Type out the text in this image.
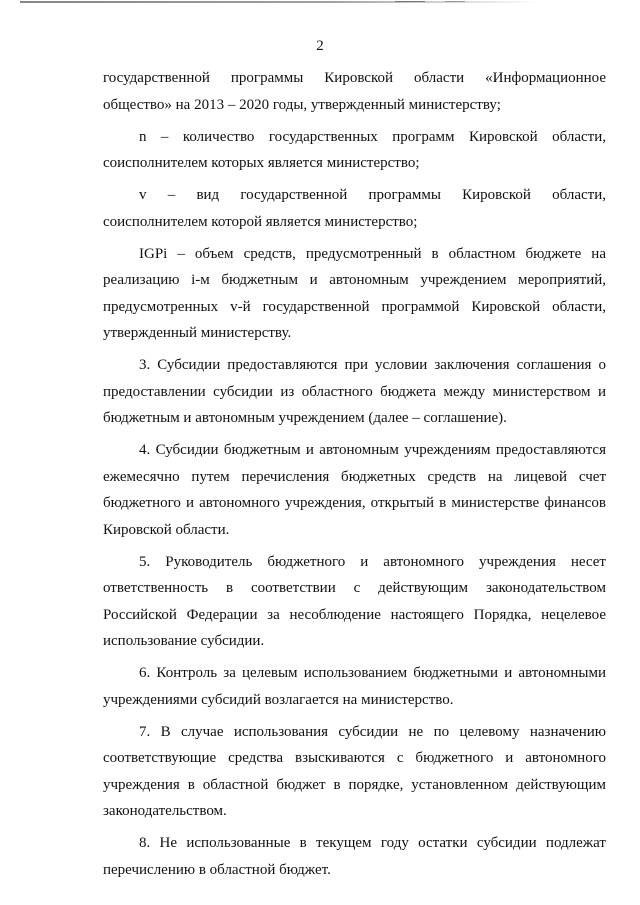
2

государственной программы Кировской области «Информационное общество» на 2013 – 2020 годы, утвержденный министерству;

n – количество государственных программ Кировской области, соисполнителем которых является министерство;

v – вид государственной программы Кировской области, соисполнителем которой является министерство;

IGPi – объем средств, предусмотренный в областном бюджете на реализацию i-м бюджетным и автономным учреждением мероприятий, предусмотренных v-й государственной программой Кировской области, утвержденный министерству.

3. Субсидии предоставляются при условии заключения соглашения о предоставлении субсидии из областного бюджета между министерством и бюджетным и автономным учреждением (далее – соглашение).

4. Субсидии бюджетным и автономным учреждениям предоставляются ежемесячно путем перечисления бюджетных средств на лицевой счет бюджетного и автономного учреждения, открытый в министерстве финансов Кировской области.

5. Руководитель бюджетного и автономного учреждения несет ответственность в соответствии с действующим законодательством Российской Федерации за несоблюдение настоящего Порядка, нецелевое использование субсидии.

6. Контроль за целевым использованием бюджетными и автономными учреждениями субсидий возлагается на министерство.

7. В случае использования субсидии не по целевому назначению соответствующие средства взыскиваются с бюджетного и автономного учреждения в областной бюджет в порядке, установленном действующим законодательством.

8. Не использованные в текущем году остатки субсидии подлежат перечислению в областной бюджет.
